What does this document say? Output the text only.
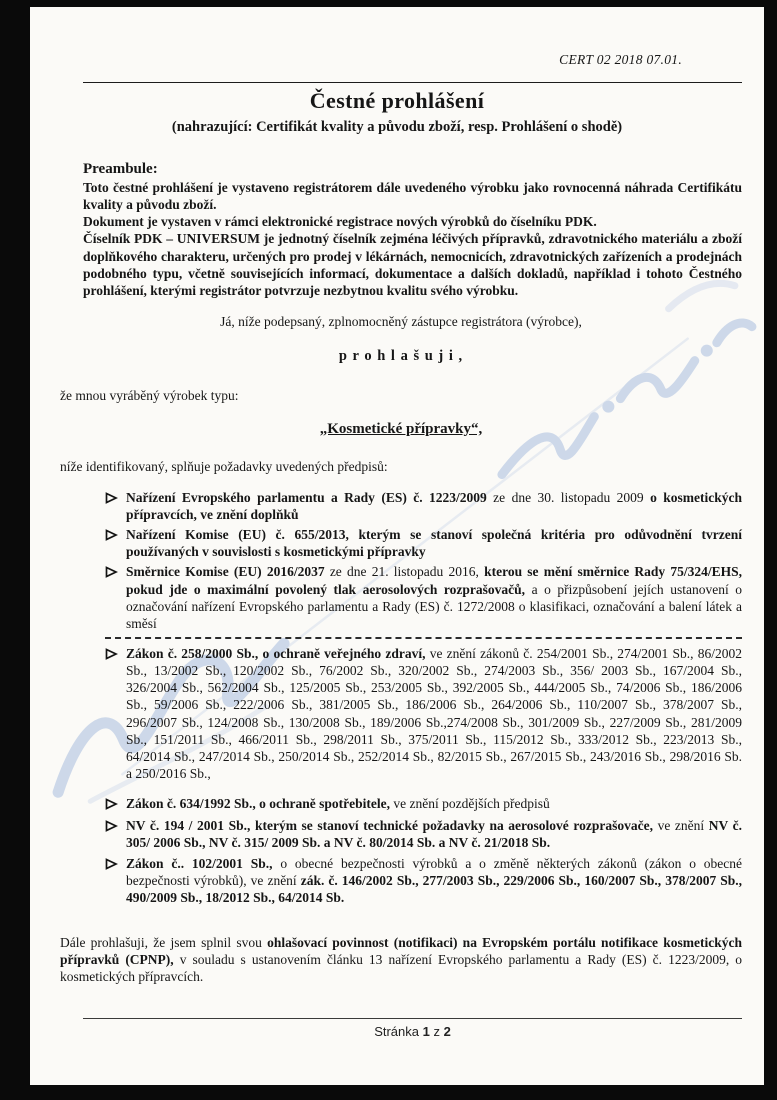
CERT 02 2018 07.01.
Čestné prohlášení
(nahrazující: Certifikát kvality a původu zboží, resp. Prohlášení o shodě)
Preambule:

Toto čestné prohlášení je vystaveno registrátorem dále uvedeného výrobku jako rovnocenná náhrada Certifikátu kvality a původu zboží.

Dokument je vystaven v rámci elektronické registrace nových výrobků do číselníku PDK.

Číselník PDK – UNIVERSUM je jednotný číselník zejména léčivých přípravků, zdravotnického materiálu a zboží doplňkového charakteru, určených pro prodej v lékárnách, nemocnicích, zdravotnických zařízeních a prodejnách podobného typu, včetně souvisejících informací, dokumentace a dalších dokladů, například i tohoto Čestného prohlášení, kterými registrátor potvrzuje nezbytnou kvalitu svého výrobku.

Já, níže podepsaný, zplnomocněný zástupce registrátora (výrobce),

p r o h l a š u j i ,

že mnou vyráběný výrobek typu:

„Kosmetické přípravky“,

níže identifikovaný, splňuje požadavky uvedených předpisů:

Nařízení Evropského parlamentu a Rady (ES) č. 1223/2009 ze dne 30. listopadu 2009 o kosmetických přípravcích, ve znění doplňků
Nařízení Komise (EU) č. 655/2013, kterým se stanoví společná kritéria pro odůvodnění tvrzení používaných v souvislosti s kosmetickými přípravky
Směrnice Komise (EU) 2016/2037 ze dne 21. listopadu 2016, kterou se mění směrnice Rady 75/324/EHS, pokud jde o maximální povolený tlak aerosolových rozprašovačů, a o přizpůsobení jejích ustanovení o označování nařízení Evropského parlamentu a Rady (ES) č. 1272/2008 o klasifikaci, označování a balení látek a směsí
Zákon č. 258/2000 Sb., o ochraně veřejného zdraví, ve znění zákonů č. 254/2001 Sb., 274/2001 Sb., 86/2002 Sb., 13/2002 Sb., 120/2002 Sb., 76/2002 Sb., 320/2002 Sb., 274/2003 Sb., 356/ 2003 Sb., 167/2004 Sb., 326/2004 Sb., 562/2004 Sb., 125/2005 Sb., 253/2005 Sb., 392/2005 Sb., 444/2005 Sb., 74/2006 Sb., 186/2006 Sb., 59/2006 Sb., 222/2006 Sb., 381/2005 Sb., 186/2006 Sb., 264/2006 Sb., 110/2007 Sb., 378/2007 Sb., 296/2007 Sb., 124/2008 Sb., 130/2008 Sb., 189/2006 Sb.,274/2008 Sb., 301/2009 Sb., 227/2009 Sb., 281/2009 Sb., 151/2011 Sb., 466/2011 Sb., 298/2011 Sb., 375/2011 Sb., 115/2012 Sb., 333/2012 Sb., 223/2013 Sb., 64/2014 Sb., 247/2014 Sb., 250/2014 Sb., 252/2014 Sb., 82/2015 Sb., 267/2015 Sb., 243/2016 Sb., 298/2016 Sb. a 250/2016 Sb.,
Zákon č. 634/1992 Sb., o ochraně spotřebitele, ve znění pozdějších předpisů
NV č. 194 / 2001 Sb., kterým se stanoví technické požadavky na aerosolové rozprašovače, ve znění NV č. 305/ 2006 Sb., NV č. 315/ 2009 Sb. a NV č. 80/2014 Sb. a NV č. 21/2018 Sb.
Zákon č.. 102/2001 Sb., o obecné bezpečnosti výrobků a o změně některých zákonů (zákon o obecné bezpečnosti výrobků), ve znění zák. č. 146/2002 Sb., 277/2003 Sb., 229/2006 Sb., 160/2007 Sb., 378/2007 Sb., 490/2009 Sb., 18/2012 Sb., 64/2014 Sb.

Dále prohlašuji, že jsem splnil svou ohlašovací povinnost (notifikaci) na Evropském portálu notifikace kosmetických přípravků (CPNP), v souladu s ustanovením článku 13 nařízení Evropského parlamentu a Rady (ES) č. 1223/2009, o kosmetických přípravcích.

Stránka 1 z 2
